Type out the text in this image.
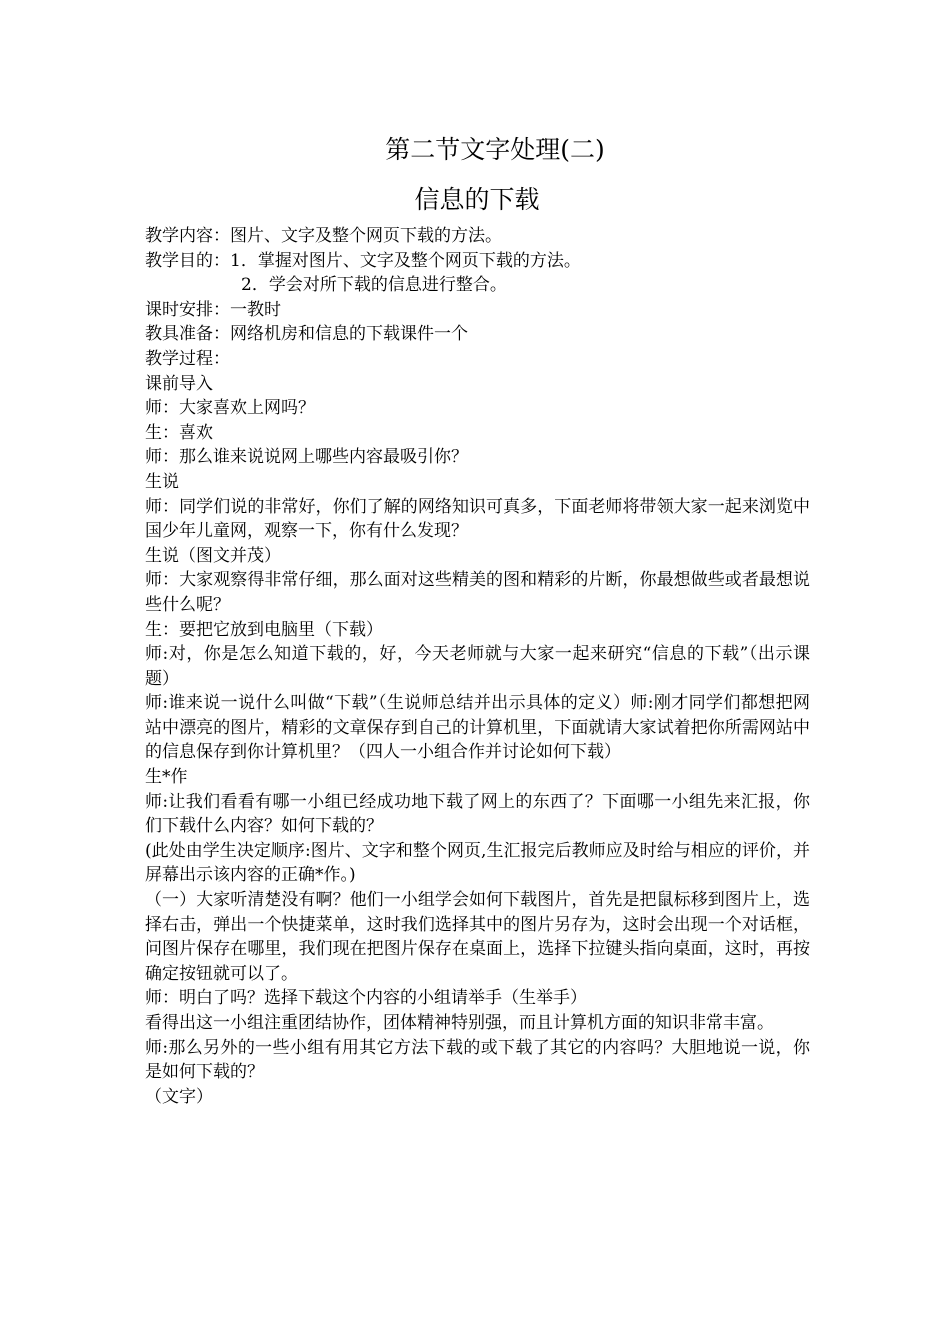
第二节文字处理(二)
信息的下载

教学内容：图片、文字及整个网页下载的方法。

教学目的：1．掌握对图片、文字及整个网页下载的方法。

2．学会对所下载的信息进行整合。

课时安排：一教时

教具准备：网络机房和信息的下载课件一个

教学过程：

课前导入

师：大家喜欢上网吗？

生：喜欢

师：那么谁来说说网上哪些内容最吸引你？

生说

师：同学们说的非常好，你们了解的网络知识可真多，下面老师将带领大家一起来浏览中国少年儿童网，观察一下，你有什么发现？

生说（图文并茂）

师：大家观察得非常仔细，那么面对这些精美的图和精彩的片断，你最想做些或者最想说些什么呢？

生：要把它放到电脑里（下载）

师:对，你是怎么知道下载的，好，今天老师就与大家一起来研究“信息的下载”（出示课题）

师:谁来说一说什么叫做“下载”（生说师总结并出示具体的定义）师:刚才同学们都想把网站中漂亮的图片，精彩的文章保存到自己的计算机里，下面就请大家试着把你所需网站中的信息保存到你计算机里？（四人一小组合作并讨论如何下载）

生*作

师:让我们看看有哪一小组已经成功地下载了网上的东西了？下面哪一小组先来汇报，你们下载什么内容？如何下载的？

(此处由学生决定顺序:图片、文字和整个网页,生汇报完后教师应及时给与相应的评价，并屏幕出示该内容的正确*作。)

（一）大家听清楚没有啊？他们一小组学会如何下载图片，首先是把鼠标移到图片上，选择右击，弹出一个快捷菜单，这时我们选择其中的图片另存为，这时会出现一个对话框，问图片保存在哪里，我们现在把图片保存在桌面上，选择下拉键头指向桌面，这时，再按确定按钮就可以了。

师：明白了吗？选择下载这个内容的小组请举手（生举手）

看得出这一小组注重团结协作，团体精神特别强，而且计算机方面的知识非常丰富。

师:那么另外的一些小组有用其它方法下载的或下载了其它的内容吗？大胆地说一说，你是如何下载的？

（文字）
